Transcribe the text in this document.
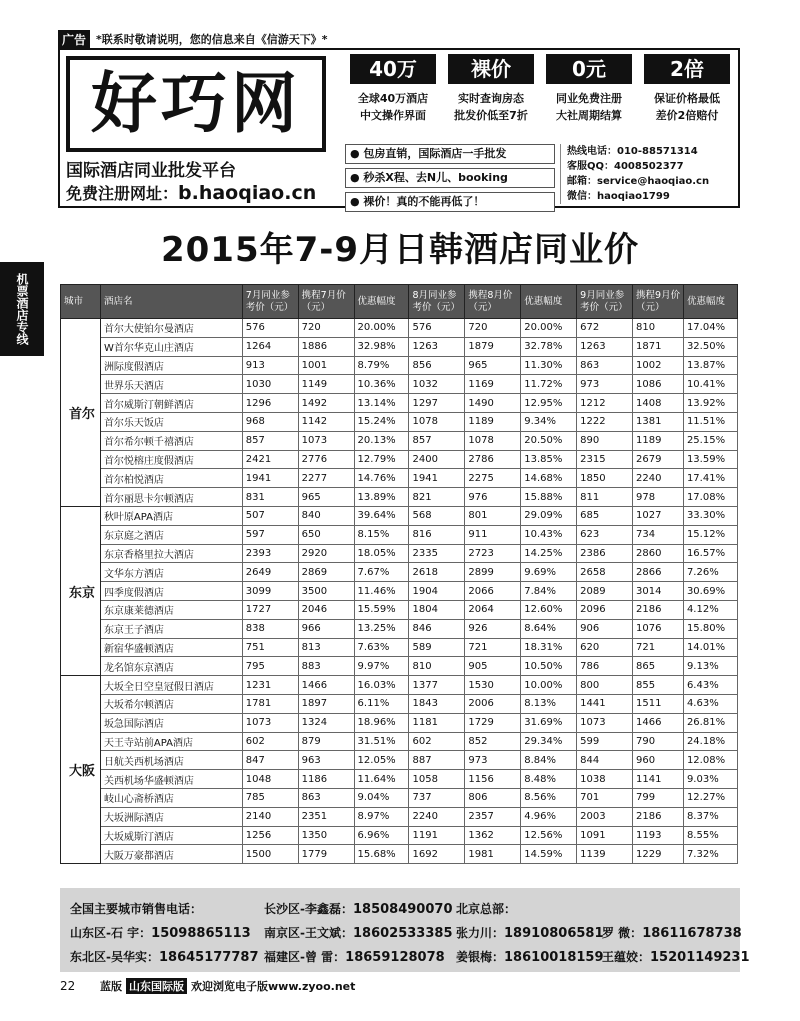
广告 *联系时敬请说明，您的信息来自《信游天下》*
好巧网
国际酒店同业批发平台
免费注册网址：b.haoqiao.cn
40万
全球40万酒店
中文操作界面
裸价
实时查询房态
批发价低至7折
0元
同业免费注册
大社周期结算
2倍
保证价格最低
差价2倍赔付
● 包房直销，国际酒店一手批发
● 秒杀X程、去N儿、booking
● 裸价！真的不能再低了！
热线电话：010-88571314
客服QQ：4008502377
邮箱：service@haoqiao.cn
微信：haoqiao1799
2015年7-9月日韩酒店同业价
机票酒店专线	城市	酒店名	7月同业参考价（元）	携程7月价（元）	优惠幅度	8月同业参考价（元）	携程8月价（元）	优惠幅度	9月同业参考价（元）	携程9月价（元）	优惠幅度
首尔	首尔大使铂尔曼酒店	576	720	20.00%	576	720	20.00%	672	810	17.04%
	W首尔华克山庄酒店	1264	1886	32.98%	1263	1879	32.78%	1263	1871	32.50%
	洲际度假酒店	913	1001	8.79%	856	965	11.30%	863	1002	13.87%
	世界乐天酒店	1030	1149	10.36%	1032	1169	11.72%	973	1086	10.41%
	首尔威斯汀朝鲜酒店	1296	1492	13.14%	1297	1490	12.95%	1212	1408	13.92%
	首尔乐天饭店	968	1142	15.24%	1078	1189	9.34%	1222	1381	11.51%
	首尔希尔顿千禧酒店	857	1073	20.13%	857	1078	20.50%	890	1189	25.15%
	首尔悦榕庄度假酒店	2421	2776	12.79%	2400	2786	13.85%	2315	2679	13.59%
	首尔柏悦酒店	1941	2277	14.76%	1941	2275	14.68%	1850	2240	17.41%
	首尔丽思卡尔顿酒店	831	965	13.89%	821	976	15.88%	811	978	17.08%
东京	秋叶原APA酒店	507	840	39.64%	568	801	29.09%	685	1027	33.30%
	东京庭之酒店	597	650	8.15%	816	911	10.43%	623	734	15.12%
	东京香格里拉大酒店	2393	2920	18.05%	2335	2723	14.25%	2386	2860	16.57%
	文华东方酒店	2649	2869	7.67%	2618	2899	9.69%	2658	2866	7.26%
	四季度假酒店	3099	3500	11.46%	1904	2066	7.84%	2089	3014	30.69%
	东京康莱德酒店	1727	2046	15.59%	1804	2064	12.60%	2096	2186	4.12%
	东京王子酒店	838	966	13.25%	846	926	8.64%	906	1076	15.80%
	新宿华盛顿酒店	751	813	7.63%	589	721	18.31%	620	721	14.01%
	龙名馆东京酒店	795	883	9.97%	810	905	10.50%	786	865	9.13%
大阪	大坂全日空皇冠假日酒店	1231	1466	16.03%	1377	1530	10.00%	800	855	6.43%
	大坂希尔顿酒店	1781	1897	6.11%	1843	2006	8.13%	1441	1511	4.63%
	坂急国际酒店	1073	1324	18.96%	1181	1729	31.69%	1073	1466	26.81%
	天王寺站前APA酒店	602	879	31.51%	602	852	29.34%	599	790	24.18%
	日航关西机场酒店	847	963	12.05%	887	973	8.84%	844	960	12.08%
	关西机场华盛顿酒店	1048	1186	11.64%	1058	1156	8.48%	1038	1141	9.03%
	岐山心斋桥酒店	785	863	9.04%	737	806	8.56%	701	799	12.27%
	大坂洲际酒店	2140	2351	8.97%	2240	2357	4.96%	2003	2186	8.37%
	大坂威斯汀酒店	1256	1350	6.96%	1191	1362	12.56%	1091	1193	8.55%
	大阪万豪都酒店	1500	1779	15.68%	1692	1981	14.59%	1139	1229	7.32%
全国主要城市销售电话：	北京总部：
山东区-石 宇：15098865113
东北区-吴华实：18645177787
长沙区-李鑫磊：18508490070
南京区-王文斌：18602533385
福建区-曾 雷：18659128078
张力川：18910806581
姜银梅：18610018159
罗 微：18611678738
王蕴姣：15201149231
22	蓝版 山东国际版 欢迎浏览电子版www.zyoo.net
